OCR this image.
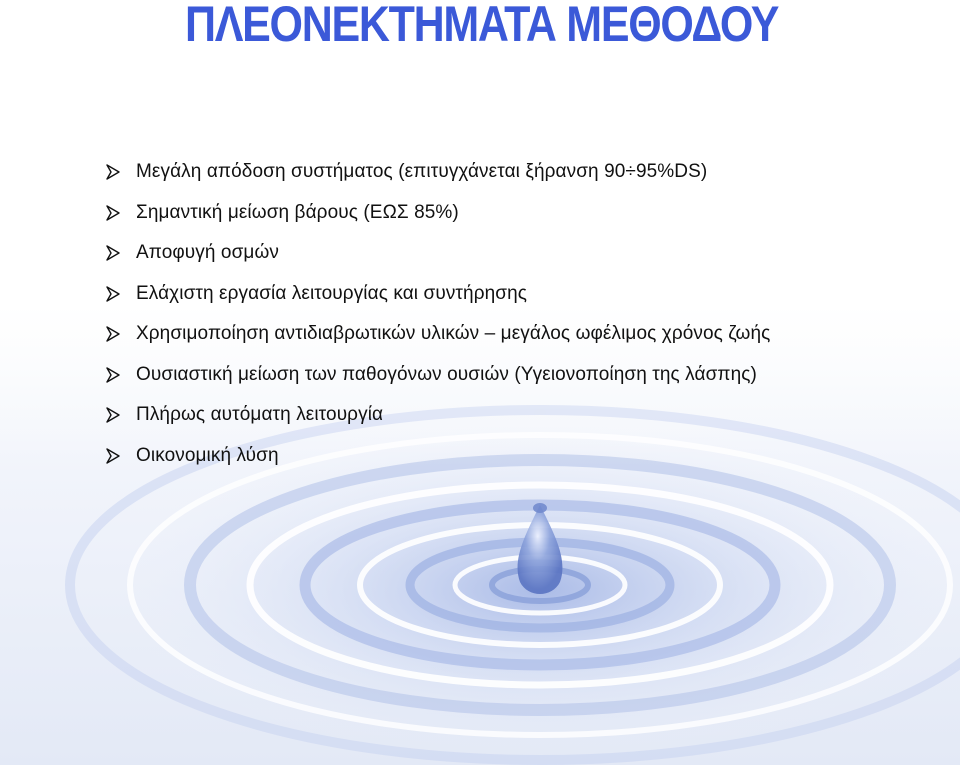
ΠΛΕΟΝΕΚΤΗΜΑΤΑ ΜΕΘΟΔΟΥ
Μεγάλη απόδοση συστήματος (επιτυγχάνεται ξήρανση 90÷95%DS)
Σημαντική μείωση βάρους (ΕΩΣ 85%)
Αποφυγή οσμών
Ελάχιστη εργασία λειτουργίας και συντήρησης
Χρησιμοποίηση αντιδιαβρωτικών υλικών – μεγάλος ωφέλιμος χρόνος ζωής
Ουσιαστική μείωση των παθογόνων ουσιών (Υγειονοποίηση της λάσπης)
Πλήρως αυτόματη λειτουργία
Οικονομική λύση
